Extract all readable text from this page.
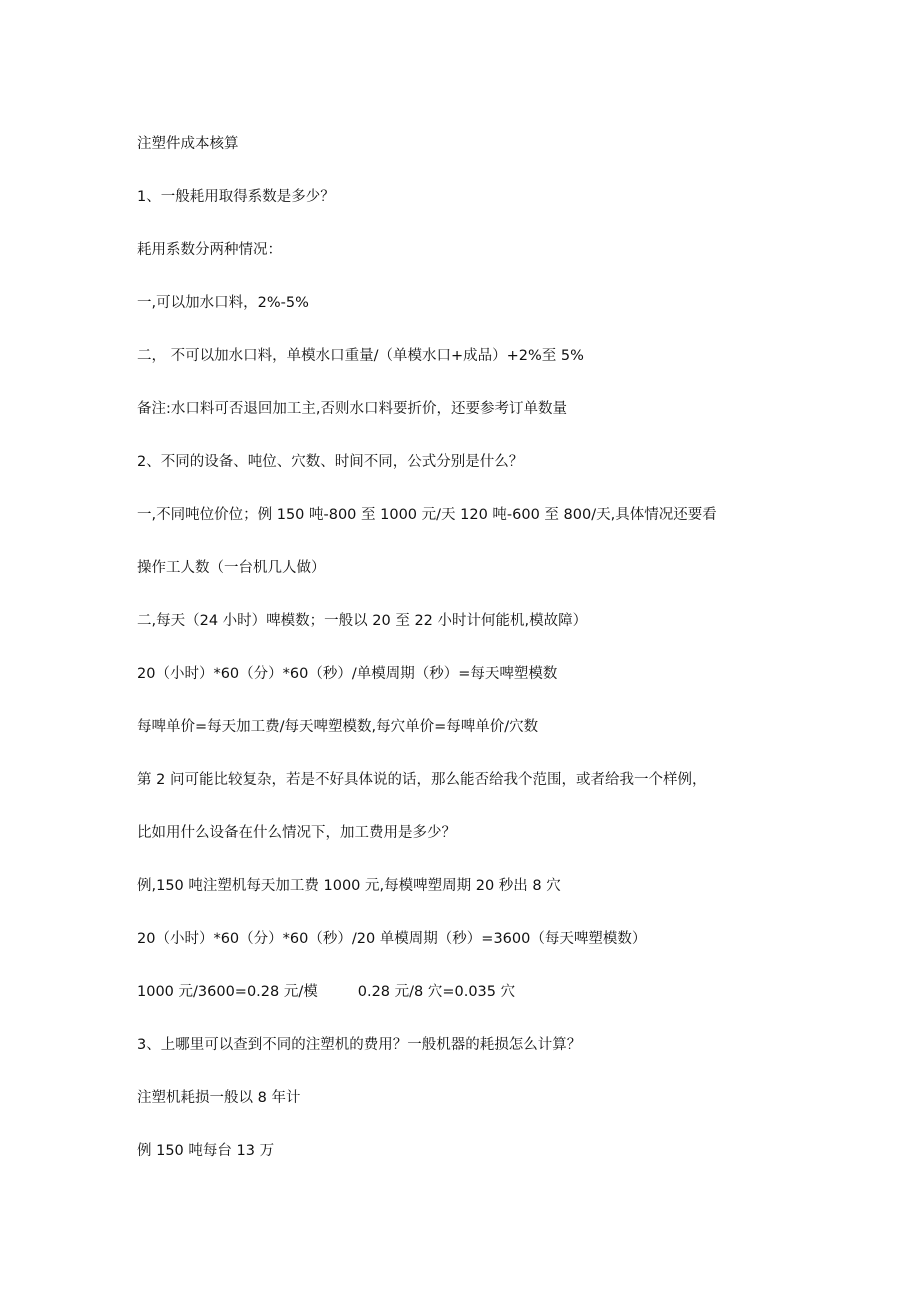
注塑件成本核算

1、一般耗用取得系数是多少？

耗用系数分两种情况：

一,可以加水口料，2%-5%

二， 不可以加水口料，单模水口重量/（单模水口+成品）+2%至 5%

备注:水口料可否退回加工主,否则水口料要折价，还要参考订单数量

2、不同的设备、吨位、穴数、时间不同，公式分别是什么？

一,不同吨位价位；例 150 吨-800 至 1000 元/天 120 吨-600 至 800/天,具体情况还要看

操作工人数（一台机几人做）

二,每天（24 小时）啤模数；一般以 20 至 22 小时计何能机,模故障）

20（小时）*60（分）*60（秒）/单模周期（秒）=每天啤塑模数

每啤单价=每天加工费/每天啤塑模数,每穴单价=每啤单价/穴数

第 2 问可能比较复杂，若是不好具体说的话，那么能否给我个范围，或者给我一个样例，

比如用什么设备在什么情况下，加工费用是多少？

例,150 吨注塑机每天加工费 1000 元,每模啤塑周期 20 秒出 8 穴

20（小时）*60（分）*60（秒）/20 单模周期（秒）=3600（每天啤塑模数）

1000 元/3600=0.28 元/模	0.28 元/8 穴=0.035 穴

3、上哪里可以查到不同的注塑机的费用？一般机器的耗损怎么计算？

注塑机耗损一般以 8 年计

例 150 吨每台 13 万
